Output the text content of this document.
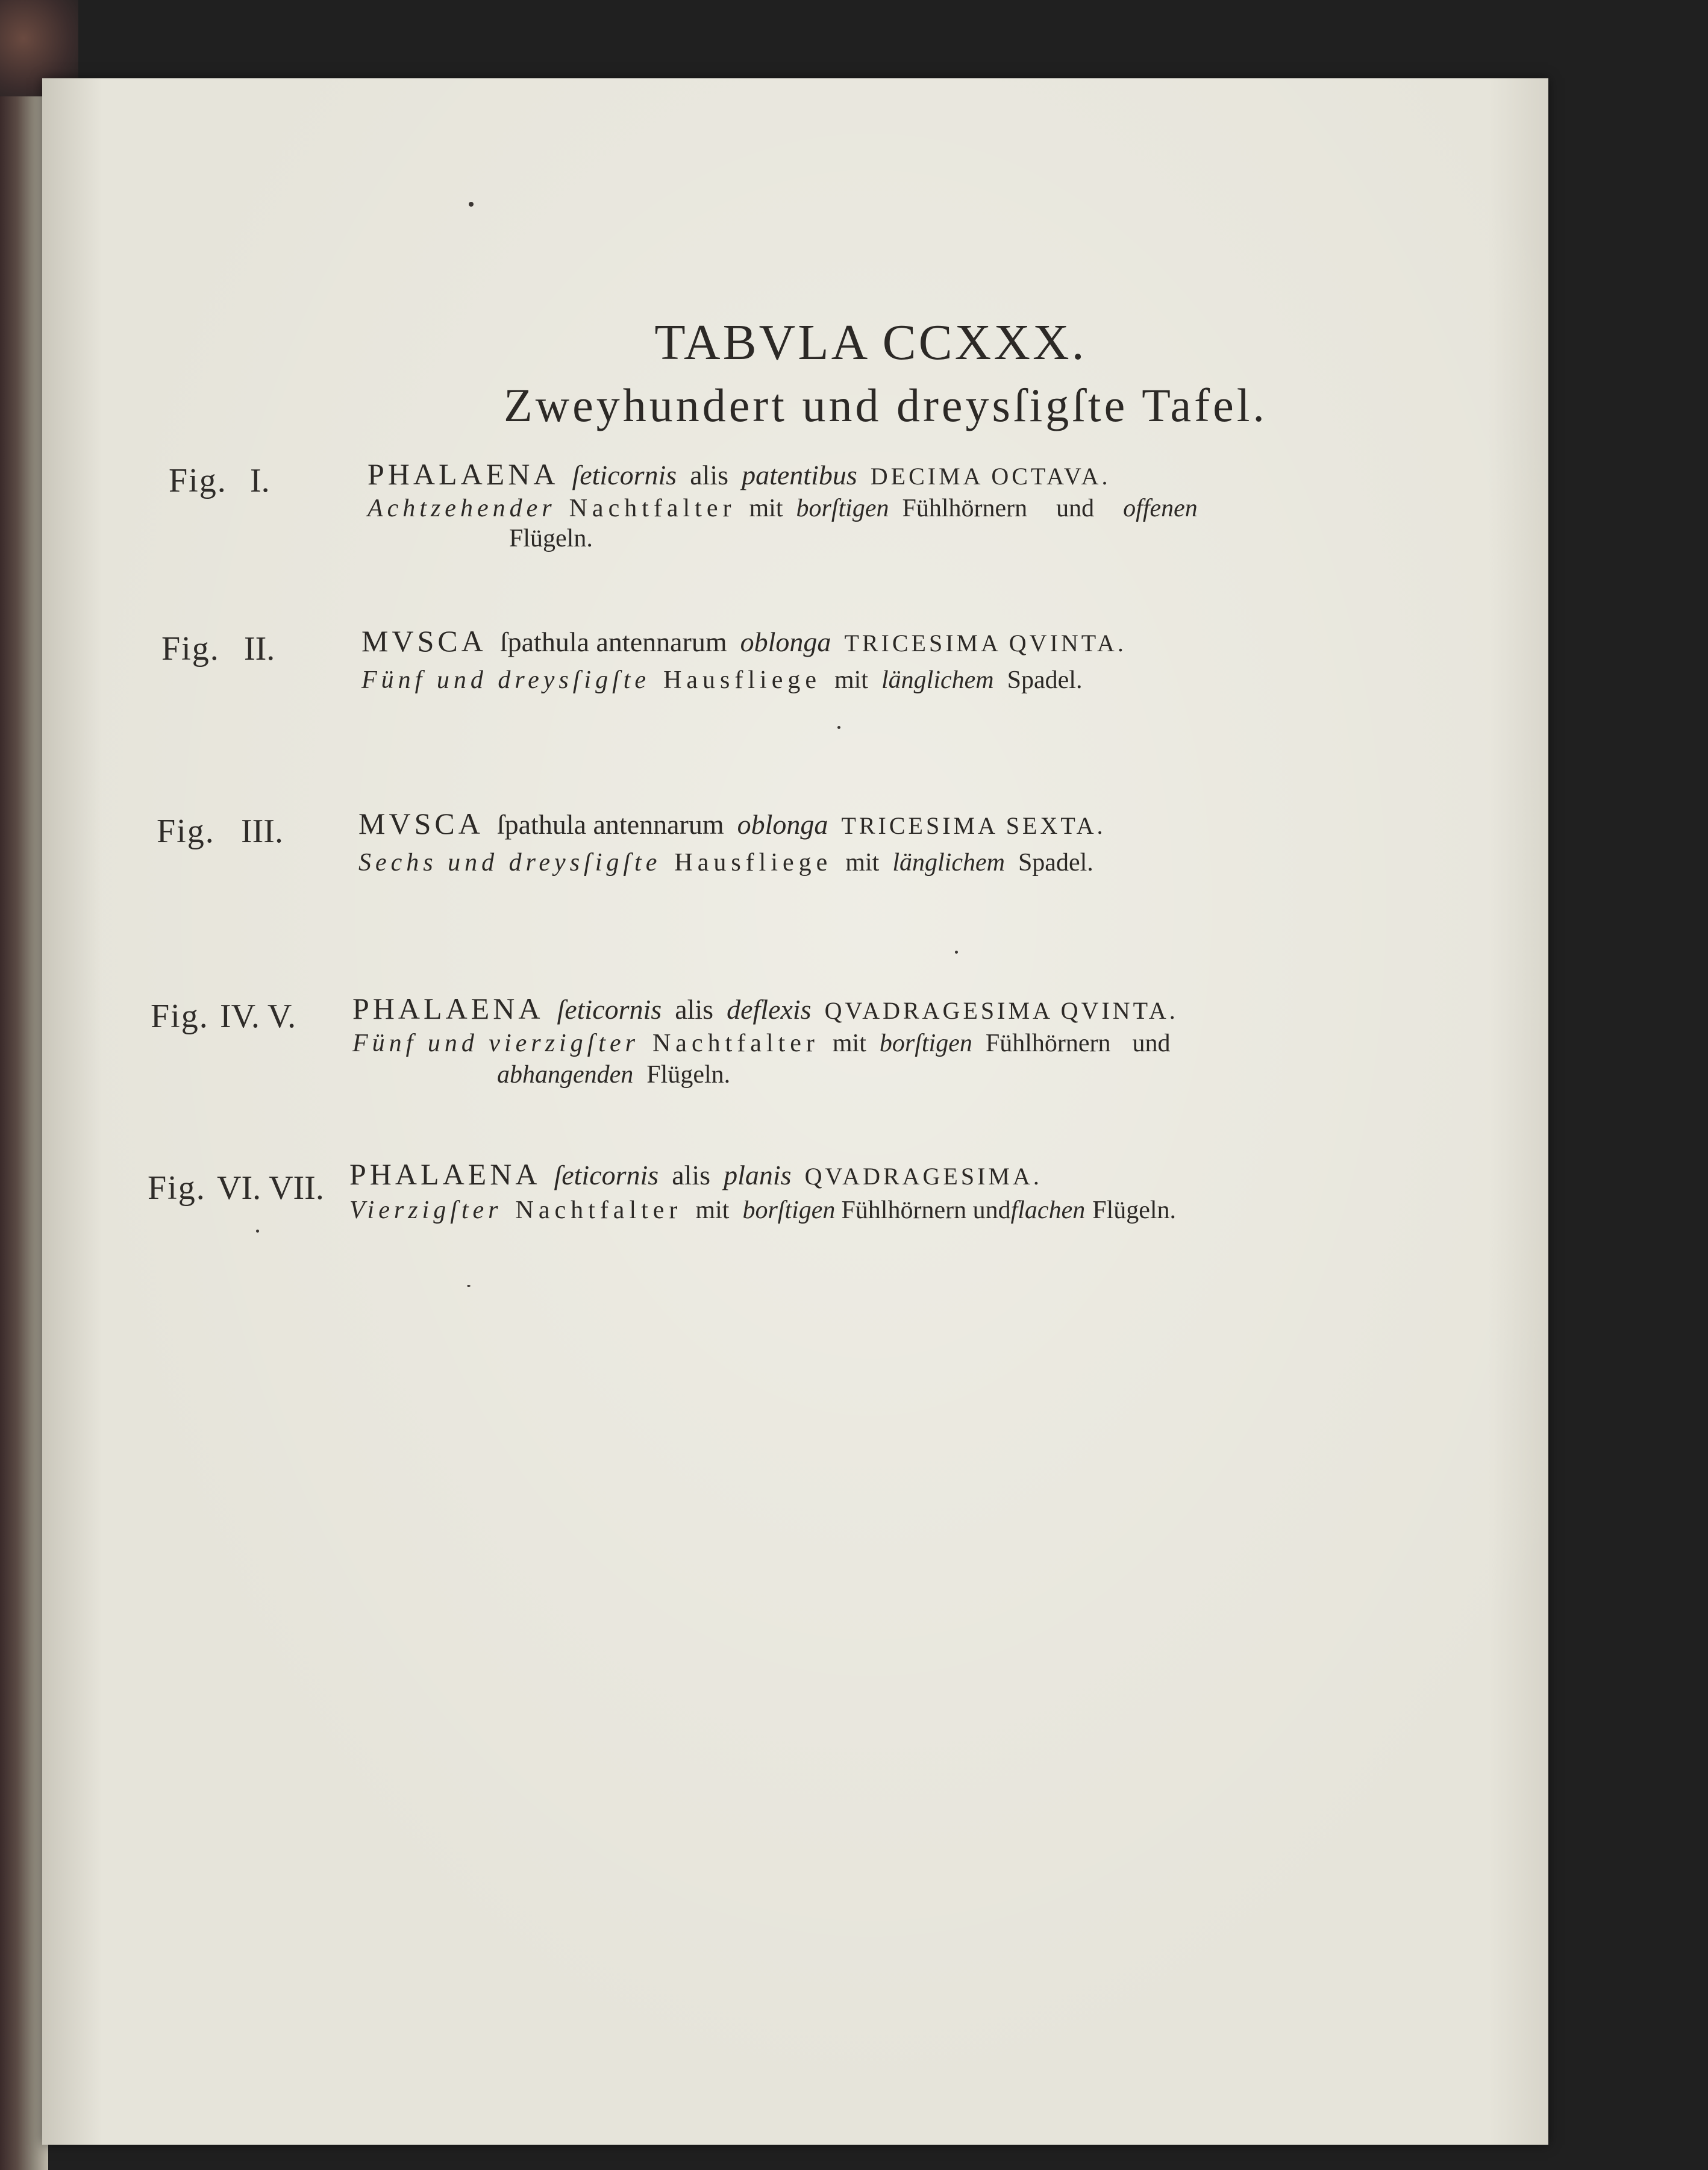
TABVLA CCXXX.
Zweyhundert und dreysſigſte Tafel.
Fig. I.	PHALAENA ſeticornis alis patentibus DECIMA OCTAVA.
Achtzehender Nachtfalter mit borſtigen Fühlhörnern und offenen
Flügeln.
Fig. II.	MVSCA ſpathula antennarum oblonga TRICESIMA QVINTA.
Fünf und dreysſigſte Hausfliege mit länglichem Spadel.
Fig. III.	MVSCA ſpathula antennarum oblonga TRICESIMA SEXTA.
Sechs und dreysſigſte Hausfliege mit länglichem Spadel.
Fig. IV. V. PHALAENA ſeticornis alis deflexis QVADRAGESIMA QVINTA.
Fünf und vierzigſter Nachtfalter mit borſtigen Fühlhörnern und
abhangenden Flügeln.
Fig. VI. VII. PHALAENA ſeticornis alis planis QVADRAGESIMA.
Vierzigſter Nachtfalter mit borſtigen Fühlhörnern undflachen Flügeln.
